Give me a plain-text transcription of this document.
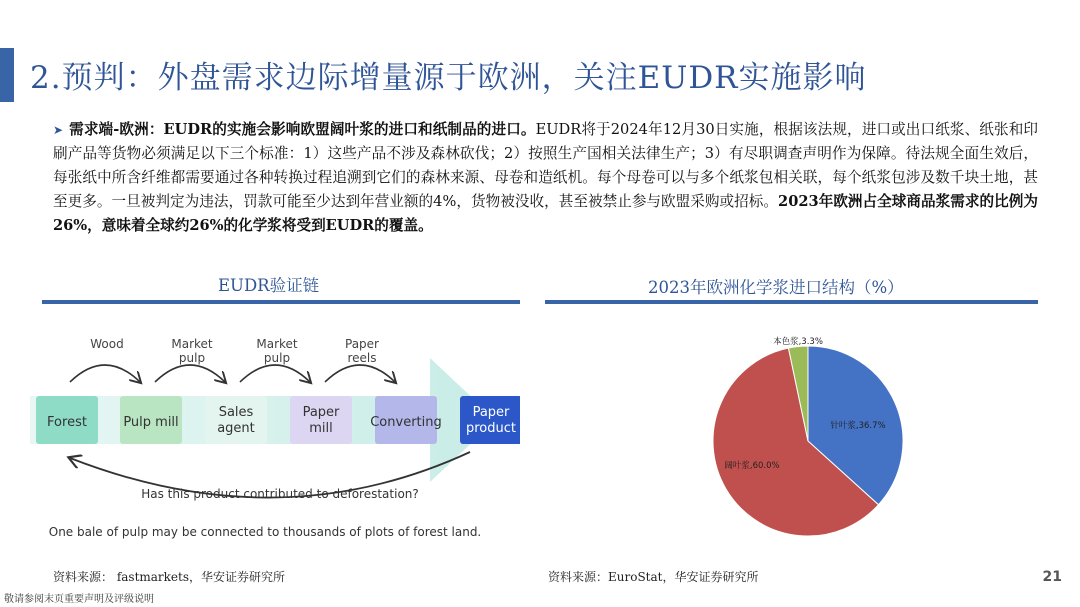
2.预判：外盘需求边际增量源于欧洲，关注EUDR实施影响
➤ 需求端-欧洲：EUDR的实施会影响欧盟阔叶浆的进口和纸制品的进口。EUDR将于2024年12月30日实施，根据该法规，进口或出口纸浆、纸张和印刷产品等货物必须满足以下三个标准：1）这些产品不涉及森林砍伐；2）按照生产国相关法律生产；3）有尽职调查声明作为保障。待法规全面生效后，每张纸中所含纤维都需要通过各种转换过程追溯到它们的森林来源、母卷和造纸机。每个母卷可以与多个纸浆包相关联，每个纸浆包涉及数千块土地，甚至更多。一旦被判定为违法，罚款可能至少达到年营业额的4%，货物被没收，甚至被禁止参与欧盟采购或招标。2023年欧洲占全球商品浆需求的比例为26%，意味着全球约26%的化学浆将受到EUDR的覆盖。
EUDR验证链
Wood	Market pulp
Market pulp
Paper reels
Forest	Pulp mill
Sales agent
Paper mill	Converting
Paper product
Has this product contributed to deforestation?
One bale of pulp may be connected to thousands of plots of forest land.
资料来源： fastmarkets，华安证券研究所
2023年欧洲化学浆进口结构（%）
针叶浆,36.7%
阔叶浆,60.0%
本色浆,3.3%
资料来源：EuroStat，华安证券研究所	21
敬请参阅末页重要声明及评级说明
